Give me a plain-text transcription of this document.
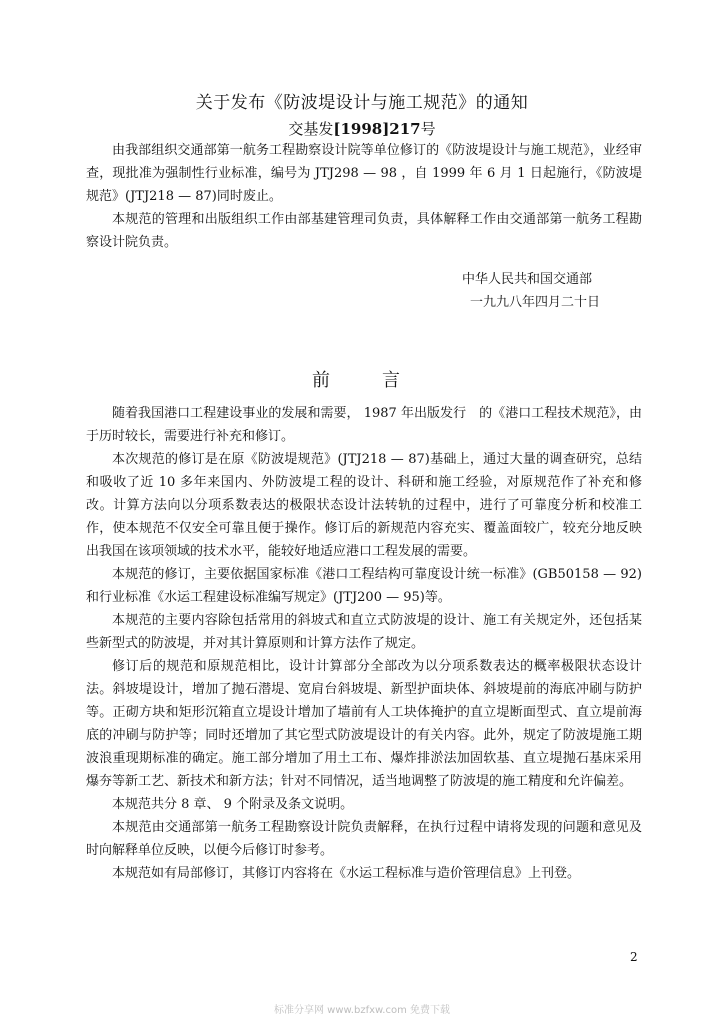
关于发布《防波堤设计与施工规范》的通知
交基发[1998]217号

由我部组织交通部第一航务工程勘察设计院等单位修订的《防波堤设计与施工规范》，业经审查，现批准为强制性行业标准，编号为 JTJ298 — 98 ，自 1999 年 6 月 1 日起施行，《防波堤规范》(JTJ218 — 87)同时废止。

本规范的管理和出版组织工作由部基建管理司负责，具体解释工作由交通部第一航务工程勘察设计院负责。

中华人民共和国交通部
一九九八年四月二十日
前	言

随着我国港口工程建设事业的发展和需要， 1987 年出版发行　的《港口工程技术规范》，由于历时较长，需要进行补充和修订。

本次规范的修订是在原《防波堤规范》(JTJ218 — 87)基础上，通过大量的调查研究，总结和吸收了近 10 多年来国内、外防波堤工程的设计、科研和施工经验，对原规范作了补充和修改。计算方法向以分项系数表达的极限状态设计法转轨的过程中，进行了可靠度分析和校准工作，使本规范不仅安全可靠且便于操作。修订后的新规范内容充实、覆盖面较广，较充分地反映出我国在该项领域的技术水平，能较好地适应港口工程发展的需要。

本规范的修订，主要依据国家标准《港口工程结构可靠度设计统一标准》(GB50158 — 92)和行业标准《水运工程建设标准编写规定》(JTJ200 — 95)等。

本规范的主要内容除包括常用的斜坡式和直立式防波堤的设计、施工有关规定外，还包括某些新型式的防波堤，并对其计算原则和计算方法作了规定。

修订后的规范和原规范相比，设计计算部分全部改为以分项系数表达的概率极限状态设计法。斜坡堤设计，增加了抛石潜堤、宽肩台斜坡堤、新型护面块体、斜坡堤前的海底冲刷与防护等。正砌方块和矩形沉箱直立堤设计增加了墙前有人工块体掩护的直立堤断面型式、直立堤前海底的冲刷与防护等；同时还增加了其它型式防波堤设计的有关内容。此外，规定了防波堤施工期波浪重现期标准的确定。施工部分增加了用土工布、爆炸排淤法加固软基、直立堤抛石基床采用爆夯等新工艺、新技术和新方法；针对不同情况，适当地调整了防波堤的施工精度和允许偏差。

本规范共分 8 章、 9 个附录及条文说明。

本规范由交通部第一航务工程勘察设计院负责解释，在执行过程中请将发现的问题和意见及时向解释单位反映，以便今后修订时参考。

本规范如有局部修订，其修订内容将在《水运工程标准与造价管理信息》上刊登。

2
标准分享网 www.bzfxw.com 免费下载
